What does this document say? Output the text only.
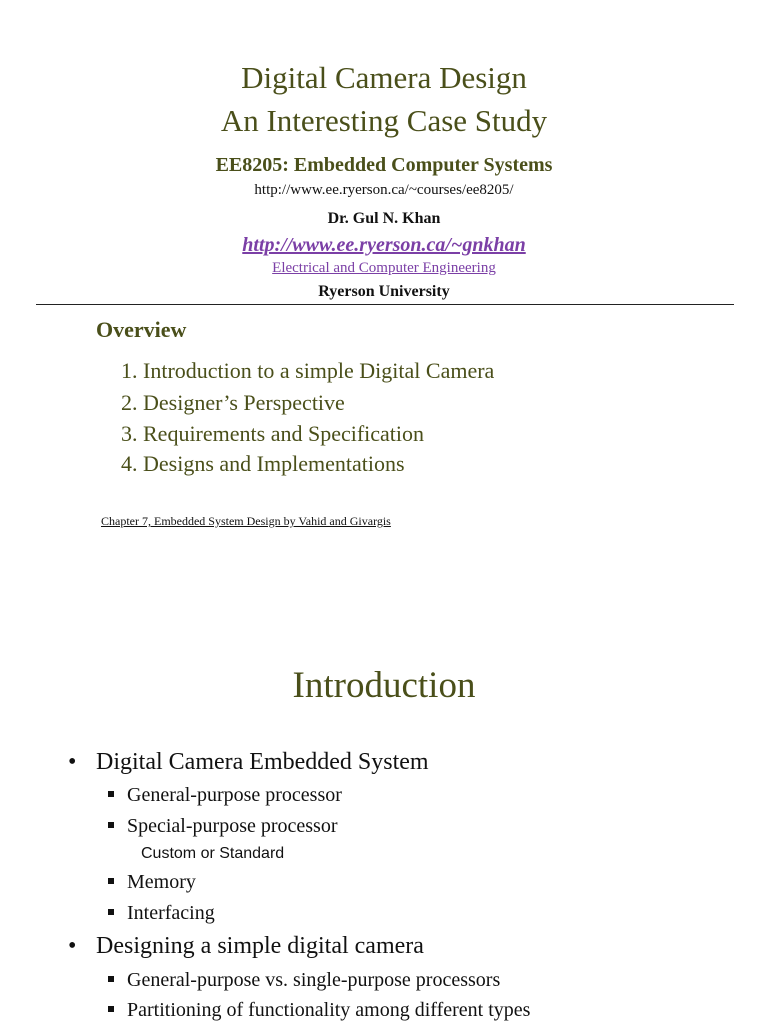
Digital Camera Design
An Interesting Case Study
EE8205: Embedded Computer Systems
http://www.ee.ryerson.ca/~courses/ee8205/
Dr. Gul N. Khan
http://www.ee.ryerson.ca/~gnkhan
Electrical and Computer Engineering
Ryerson University
Overview
1. Introduction to a simple Digital Camera
2. Designer’s Perspective
3. Requirements and Specification
4. Designs and Implementations
Chapter 7, Embedded System Design by Vahid and Givargis
Introduction
• Digital Camera Embedded System
General-purpose processor
Special-purpose processor
Custom or Standard
Memory
Interfacing
• Designing a simple digital camera
General-purpose vs. single-purpose processors
Partitioning of functionality among different types
